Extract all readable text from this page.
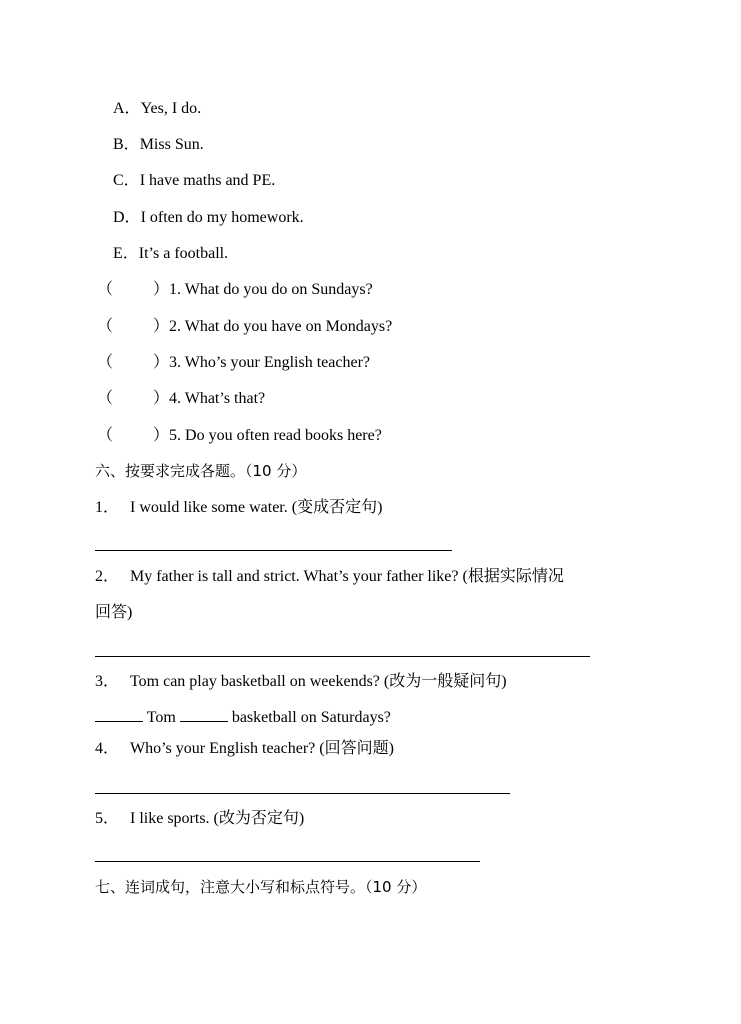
A．Yes, I do.
B．Miss Sun.
C．I have maths and PE.
D．I often do my homework.
E．It’s a football.
（ ）1. What do you do on Sundays?
（ ）2. What do you have on Mondays?
（ ）3. Who’s your English teacher?
（ ）4. What’s that?
（ ）5. Do you often read books here?
六、按要求完成各题。（10 分）
1． I would like some water. (变成否定句)
2． My father is tall and strict. What’s your father like? (根据实际情况
回答)
3． Tom can play basketball on weekends? (改为一般疑问句)
Tom	basketball on Saturdays?
4． Who’s your English teacher? (回答问题)
5． I like sports. (改为否定句)
七、连词成句，注意大小写和标点符号。（10 分）
